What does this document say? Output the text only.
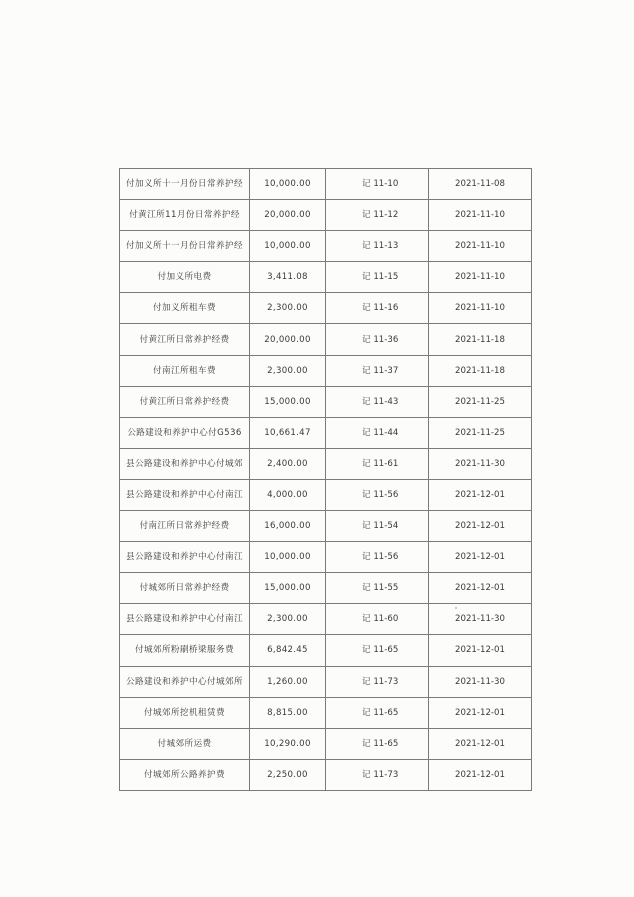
付加义所十一月份日常养护经	10,000.00	记 11-10	2021-11-08
付黄江所11月份日常养护经	20,000.00	记 11-12	2021-11-10
付加义所十一月份日常养护经	10,000.00	记 11-13	2021-11-10
付加义所电费	3,411.08	记 11-15	2021-11-10
付加义所租车费	2,300.00	记 11-16	2021-11-10
付黄江所日常养护经费	20,000.00	记 11-36	2021-11-18
付南江所租车费	2,300.00	记 11-37	2021-11-18
付黄江所日常养护经费	15,000.00	记 11-43	2021-11-25
公路建设和养护中心付G536	10,661.47	记 11-44	2021-11-25
县公路建设和养护中心付城郊	2,400.00	记 11-61	2021-11-30
县公路建设和养护中心付南江	4,000.00	记 11-56	2021-12-01
付南江所日常养护经费	16,000.00	记 11-54	2021-12-01
县公路建设和养护中心付南江	10,000.00	记 11-56	2021-12-01
付城郊所日常养护经费	15,000.00	记 11-55	2021-12-01
县公路建设和养护中心付南江	2,300.00	记 11-60	2021-11-30
付城郊所粉刷桥梁服务费	6,842.45	记 11-65	2021-12-01
公路建设和养护中心付城郊所	1,260.00	记 11-73	2021-11-30
付城郊所挖机租赁费	8,815.00	记 11-65	2021-12-01
付城郊所运费	10,290.00	记 11-65	2021-12-01
付城郊所公路养护费	2,250.00	记 11-73	2021-12-01
